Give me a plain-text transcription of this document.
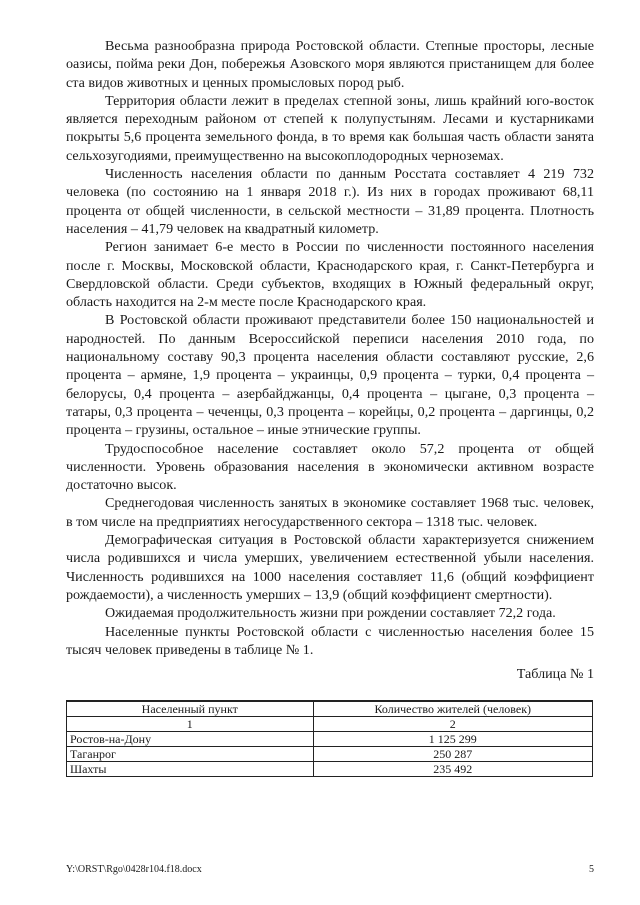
Весьма разнообразна природа Ростовской области. Степные просторы, лесные оазисы, пойма реки Дон, побережья Азовского моря являются пристанищем для более ста видов животных и ценных промысловых пород рыб.

Территория области лежит в пределах степной зоны, лишь крайний юго-восток является переходным районом от степей к полупустыням. Лесами и кустарниками покрыты 5,6 процента земельного фонда, в то время как большая часть области занята сельхозугодиями, преимущественно на высокоплодородных черноземах.

Численность населения области по данным Росстата составляет 4 219 732 человека (по состоянию на 1 января 2018 г.). Из них в городах проживают 68,11 процента от общей численности, в сельской местности – 31,89 процента. Плотность населения – 41,79 человек на квадратный километр.

Регион занимает 6-е место в России по численности постоянного населения после г. Москвы, Московской области, Краснодарского края, г. Санкт-Петербурга и Свердловской области. Среди субъектов, входящих в Южный федеральный округ, область находится на 2-м месте после Краснодарского края.

В Ростовской области проживают представители более 150 национальностей и народностей. По данным Всероссийской переписи населения 2010 года, по национальному составу 90,3 процента населения области составляют русские, 2,6 процента – армяне, 1,9 процента – украинцы, 0,9 процента – турки, 0,4 процента – белорусы, 0,4 процента – азербайджанцы, 0,4 процента – цыгане, 0,3 процента – татары, 0,3 процента – чеченцы, 0,3 процента – корейцы, 0,2 процента – даргинцы, 0,2 процента – грузины, остальное – иные этнические группы.

Трудоспособное население составляет около 57,2 процента от общей численности. Уровень образования населения в экономически активном возрасте достаточно высок.

Среднегодовая численность занятых в экономике составляет 1968 тыс. человек, в том числе на предприятиях негосударственного сектора – 1318 тыс. человек.

Демографическая ситуация в Ростовской области характеризуется снижением числа родившихся и числа умерших, увеличением естественной убыли населения. Численность родившихся на 1000 населения составляет 11,6 (общий коэффициент рождаемости), а численность умерших – 13,9 (общий коэффициент смертности).

Ожидаемая продолжительность жизни при рождении составляет 72,2 года.

Населенные пункты Ростовской области с численностью населения более 15 тысяч человек приведены в таблице № 1.

Таблица № 1

Населенный пункт	Количество жителей (человек)
1	2
Ростов-на-Дону	1 125 299
Таганрог	250 287
Шахты	235 492
Y:\ORST\Rgo\0428r104.f18.docx	5
